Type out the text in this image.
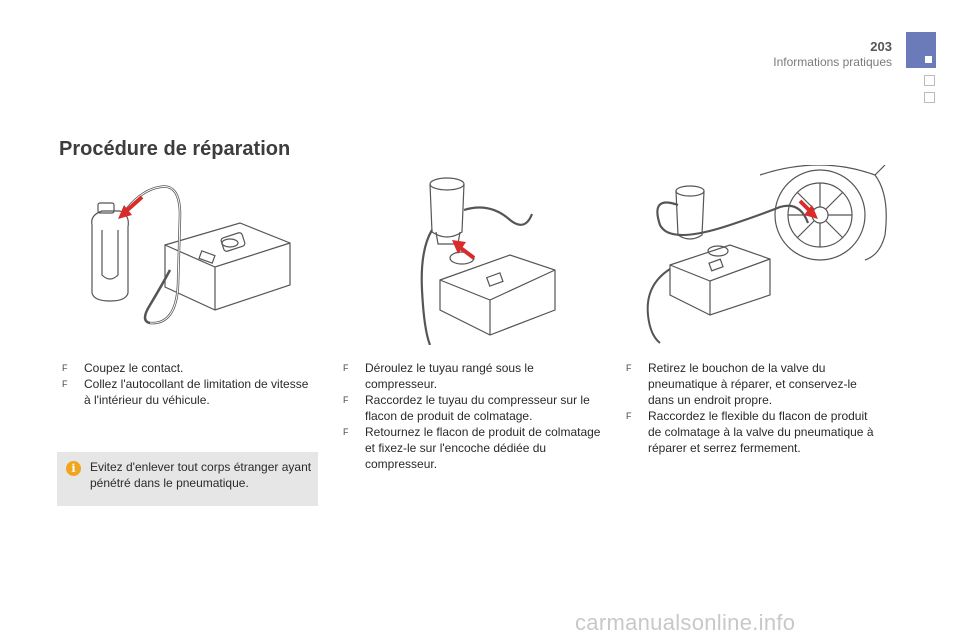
203
Informations pratiques
Procédure de réparation

F Coupez le contact.

F Collez l'autocollant de limitation de vitesse à l'intérieur du véhicule.

i	Evitez d'enlever tout corps étranger ayant pénétré dans le pneumatique.

F Déroulez le tuyau rangé sous le compresseur.

F Raccordez le tuyau du compresseur sur le flacon de produit de colmatage.

F Retournez le flacon de produit de colmatage et fixez-le sur l'encoche dédiée du compresseur.

F Retirez le bouchon de la valve du pneumatique à réparer, et conservez-le dans un endroit propre.

F Raccordez le flexible du flacon de produit de colmatage à la valve du pneumatique à réparer et serrez fermement.

carmanualsonline.info
